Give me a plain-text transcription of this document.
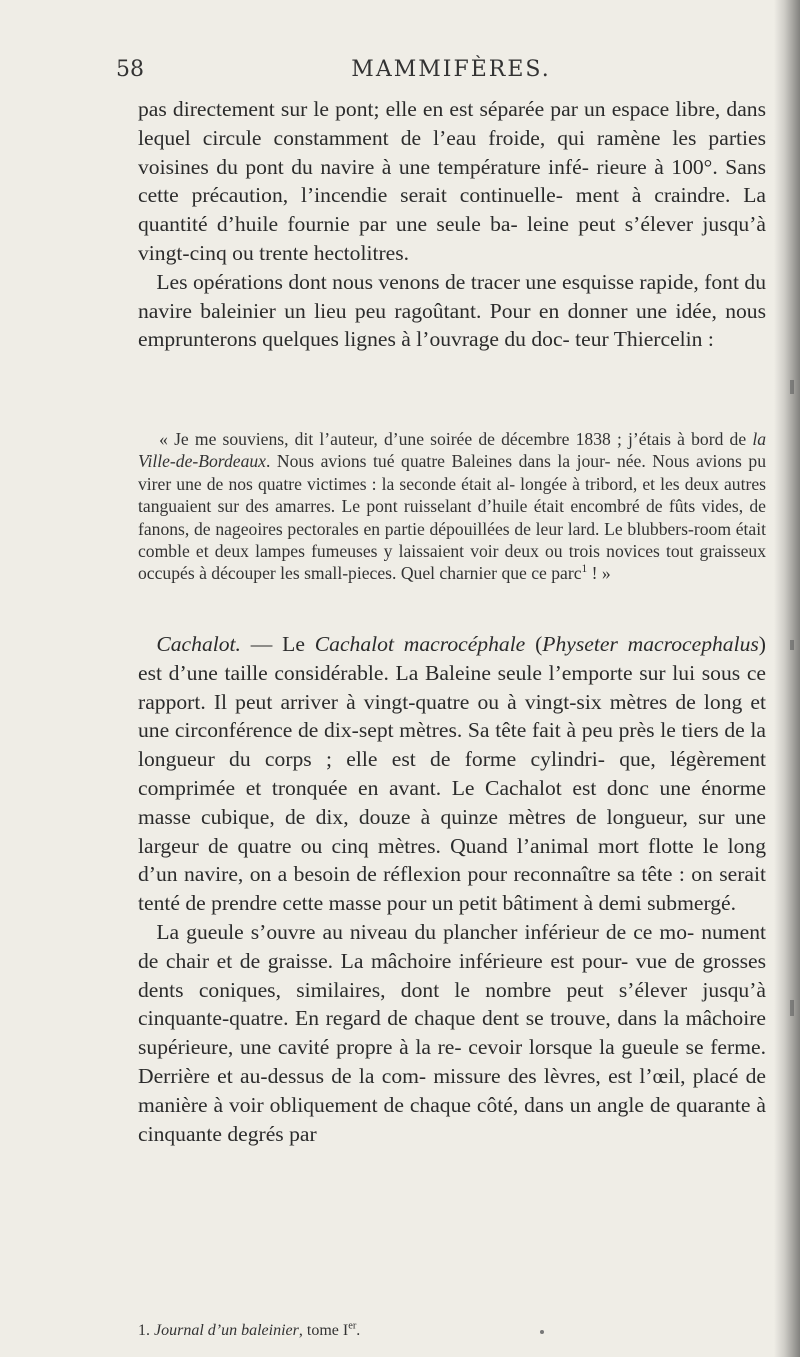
58	MAMMIFÈRES.

pas directement sur le pont; elle en est séparée par un espace libre, dans lequel circule constamment de l’eau froide, qui ramène les parties voisines du pont du navire à une température infé- rieure à 100°. Sans cette précaution, l’incendie serait continuelle- ment à craindre. La quantité d’huile fournie par une seule ba- leine peut s’élever jusqu’à vingt-cinq ou trente hectolitres.

Les opérations dont nous venons de tracer une esquisse rapide, font du navire baleinier un lieu peu ragoûtant. Pour en donner une idée, nous emprunterons quelques lignes à l’ouvrage du doc- teur Thiercelin :

« Je me souviens, dit l’auteur, d’une soirée de décembre 1838 ; j’étais à bord de la Ville-de-Bordeaux. Nous avions tué quatre Baleines dans la jour- née. Nous avions pu virer une de nos quatre victimes : la seconde était al- longée à tribord, et les deux autres tanguaient sur des amarres. Le pont ruisselant d’huile était encombré de fûts vides, de fanons, de nageoires pectorales en partie dépouillées de leur lard. Le blubbers-room était comble et deux lampes fumeuses y laissaient voir deux ou trois novices tout graisseux occupés à découper les small-pieces. Quel charnier que ce parc$^1$ ! »

Cachalot. — Le Cachalot macrocéphale (Physeter macrocephalus) est d’une taille considérable. La Baleine seule l’emporte sur lui sous ce rapport. Il peut arriver à vingt-quatre ou à vingt-six mètres de long et une circonférence de dix-sept mètres. Sa tête fait à peu près le tiers de la longueur du corps ; elle est de forme cylindri- que, légèrement comprimée et tronquée en avant. Le Cachalot est donc une énorme masse cubique, de dix, douze à quinze mètres de longueur, sur une largeur de quatre ou cinq mètres. Quand l’animal mort flotte le long d’un navire, on a besoin de réflexion pour reconnaître sa tête : on serait tenté de prendre cette masse pour un petit bâtiment à demi submergé.

La gueule s’ouvre au niveau du plancher inférieur de ce mo- nument de chair et de graisse. La mâchoire inférieure est pour- vue de grosses dents coniques, similaires, dont le nombre peut s’élever jusqu’à cinquante-quatre. En regard de chaque dent se trouve, dans la mâchoire supérieure, une cavité propre à la re- cevoir lorsque la gueule se ferme. Derrière et au-dessus de la com- missure des lèvres, est l’œil, placé de manière à voir obliquement de chaque côté, dans un angle de quarante à cinquante degrés par

1. Journal d’un baleinier, tome Ier.
